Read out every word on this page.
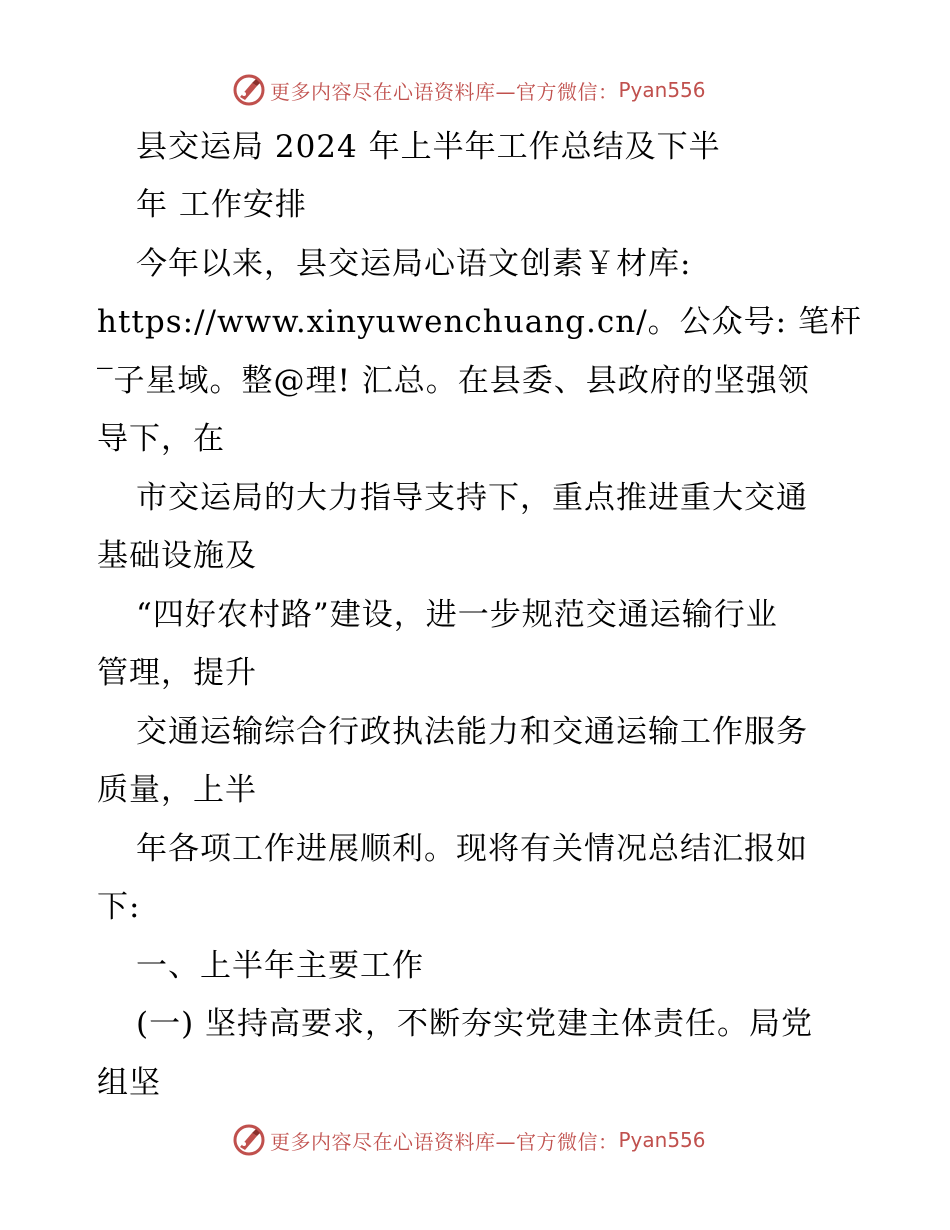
更多内容尽在心语资料库—官方微信： Pyan556
县交运局 2024 年上半年工作总结及下半
年 工作安排
今年以来，县交运局心语文创素￥材库:
https://www.xinyuwenchuang.cn/。公众号: 笔杆
‾子星域。整@理! 汇总。在县委、县政府的坚强领
导下，在
市交运局的大力指导支持下，重点推进重大交通
基础设施及
“四好农村路”建设，进一步规范交通运输行业
管理，提升
交通运输综合行政执法能力和交通运输工作服务
质量，上半
年各项工作进展顺利。现将有关情况总结汇报如
下:
一、上半年主要工作
(一) 坚持高要求，不断夯实党建主体责任。局党
组坚
更多内容尽在心语资料库—官方微信： Pyan556
